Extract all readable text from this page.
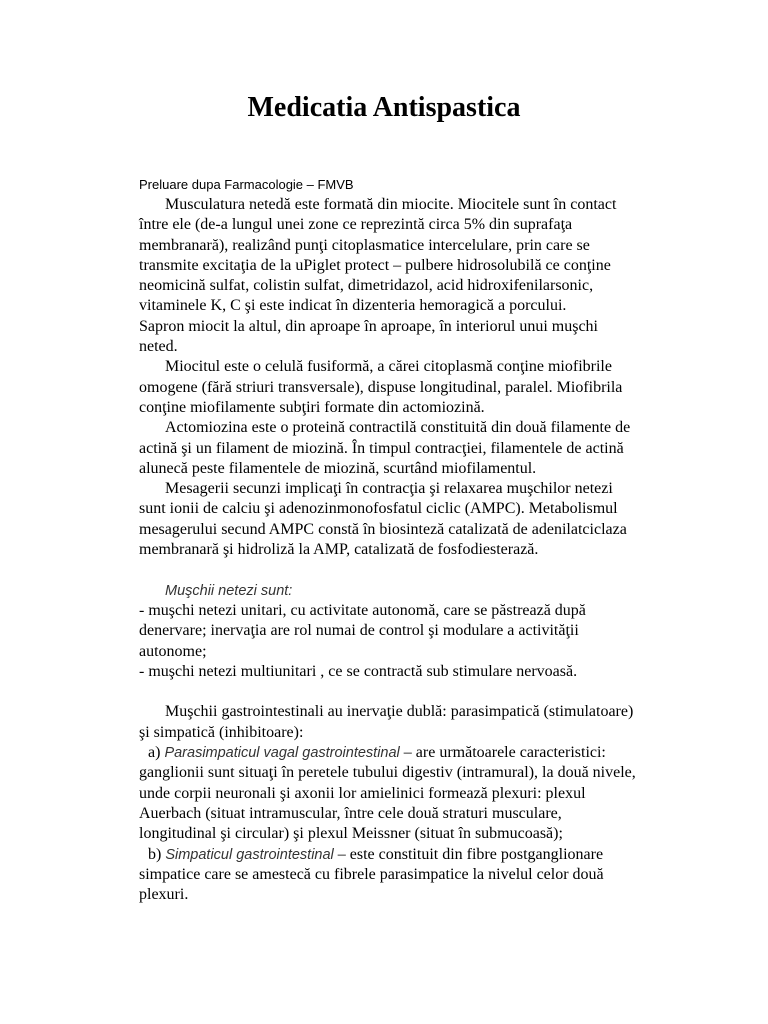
Medicatia Antispastica

Preluare dupa Farmacologie – FMVB

Musculatura netedă este formată din miocite. Miocitele sunt în contact între ele (de-a lungul unei zone ce reprezintă circa 5% din suprafaţa membranară), realizând punţi citoplasmatice intercelulare, prin care se transmite excitaţia de la uPiglet protect – pulbere hidrosolubilă ce conţine neomicină sulfat, colistin sulfat, dimetridazol, acid hidroxifenilarsonic, vitaminele K, C şi este indicat în dizenteria hemoragică a porcului.

Sapron miocit la altul, din aproape în aproape, în interiorul unui muşchi neted.

Miocitul este o celulă fusiformă, a cărei citoplasmă conţine miofibrile omogene (fără striuri transversale), dispuse longitudinal, paralel. Miofibrila conţine miofilamente subţiri formate din actomiozină.

Actomiozina este o proteină contractilă constituită din două filamente de actină şi un filament de miozină. În timpul contracţiei, filamentele de actină alunecă peste filamentele de miozină, scurtând miofilamentul.

Mesagerii secunzi implicaţi în contracţia şi relaxarea muşchilor netezi sunt ionii de calciu şi adenozinmonofosfatul ciclic (AMPC). Metabolismul mesagerului secund AMPC constă în biosinteză catalizată de adenilatciclaza membranară şi hidroliză la AMP, catalizată de fosfodiesterază.

Muşchii netezi sunt:

- muşchi netezi unitari, cu activitate autonomă, care se păstrează după denervare; inervaţia are rol numai de control şi modulare a activităţii autonome;

- muşchi netezi multiunitari , ce se contractă sub stimulare nervoasă.

Muşchii gastrointestinali au inervaţie dublă: parasimpatică (stimulatoare) şi simpatică (inhibitoare):

a) Parasimpaticul vagal gastrointestinal – are următoarele caracteristici: ganglionii sunt situaţi în peretele tubului digestiv (intramural), la două nivele, unde corpii neuronali şi axonii lor amielinici formează plexuri: plexul Auerbach (situat intramuscular, între cele două straturi musculare, longitudinal şi circular) şi plexul Meissner (situat în submucoasă);

b) Simpaticul gastrointestinal – este constituit din fibre postganglionare simpatice care se amestecă cu fibrele parasimpatice la nivelul celor două plexuri.
